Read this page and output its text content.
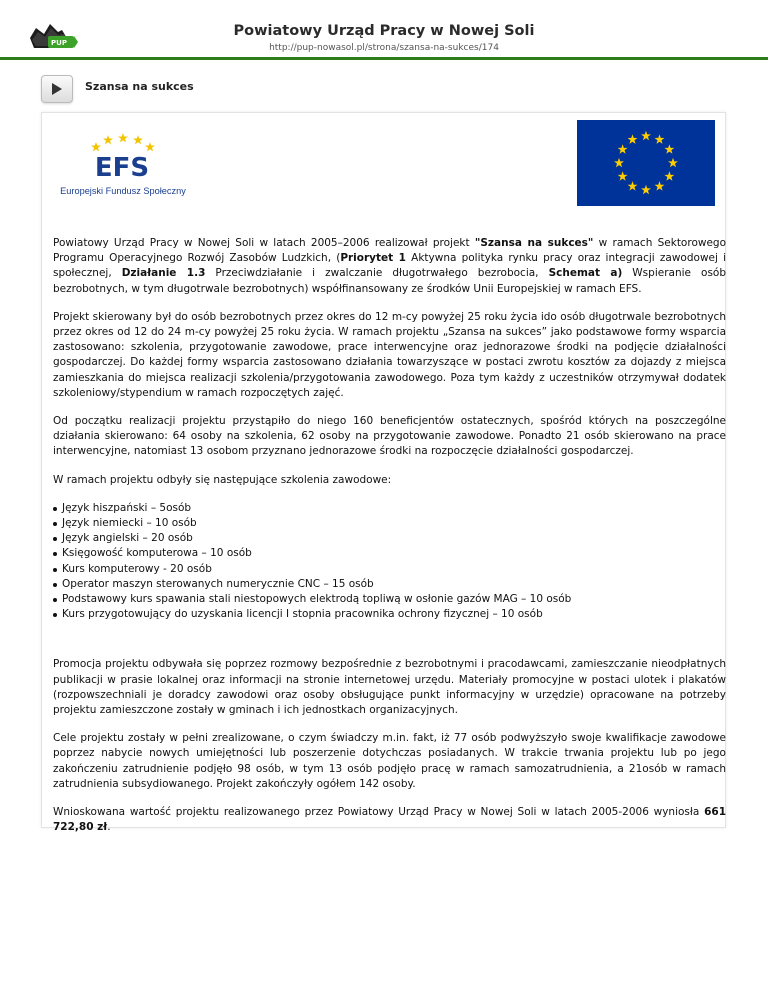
PUP
Powiatowy Urząd Pracy w Nowej Soli
http://pup-nowasol.pl/strona/szansa-na-sukces/174
Szansa na sukces
EFS
Europejski Fundusz Społeczny

Powiatowy Urząd Pracy w Nowej Soli w latach 2005–2006 realizował projekt "Szansa na sukces" w ramach Sektorowego Programu Operacyjnego Rozwój Zasobów Ludzkich, (Priorytet 1 Aktywna polityka rynku pracy oraz integracji zawodowej i społecznej, Działanie 1.3 Przeciwdziałanie i zwalczanie długotrwałego bezrobocia, Schemat a) Wspieranie osób bezrobotnych, w tym długotrwale bezrobotnych) współfinansowany ze środków Unii Europejskiej w ramach EFS.

Projekt skierowany był do osób bezrobotnych przez okres do 12 m-cy powyżej 25 roku życia ido osób długotrwale bezrobotnych przez okres od 12 do 24 m-cy powyżej 25 roku życia. W ramach projektu „Szansa na sukces” jako podstawowe formy wsparcia zastosowano: szkolenia, przygotowanie zawodowe, prace interwencyjne oraz jednorazowe środki na podjęcie działalności gospodarczej. Do każdej formy wsparcia zastosowano działania towarzyszące w postaci zwrotu kosztów za dojazdy z miejsca zamieszkania do miejsca realizacji szkolenia/przygotowania zawodowego. Poza tym każdy z uczestników otrzymywał dodatek szkoleniowy/stypendium w ramach rozpoczętych zajęć.

Od początku realizacji projektu przystąpiło do niego 160 beneficjentów ostatecznych, spośród których na poszczególne działania skierowano: 64 osoby na szkolenia, 62 osoby na przygotowanie zawodowe. Ponadto 21 osób skierowano na prace interwencyjne, natomiast 13 osobom przyznano jednorazowe środki na rozpoczęcie działalności gospodarczej.

W ramach projektu odbyły się następujące szkolenia zawodowe:

Język hiszpański – 5osób
Język niemiecki – 10 osób
Język angielski – 20 osób
Księgowość komputerowa – 10 osób
Kurs komputerowy - 20 osób
Operator maszyn sterowanych numerycznie CNC – 15 osób
Podstawowy kurs spawania stali niestopowych elektrodą topliwą w osłonie gazów MAG – 10 osób
Kurs przygotowujący do uzyskania licencji I stopnia pracownika ochrony fizycznej – 10 osób

Promocja projektu odbywała się poprzez rozmowy bezpośrednie z bezrobotnymi i pracodawcami, zamieszczanie nieodpłatnych publikacji w prasie lokalnej oraz informacji na stronie internetowej urzędu. Materiały promocyjne w postaci ulotek i plakatów (rozpowszechniali je doradcy zawodowi oraz osoby obsługujące punkt informacyjny w urzędzie) opracowane na potrzeby projektu zamieszczone zostały w gminach i ich jednostkach organizacyjnych.

Cele projektu zostały w pełni zrealizowane, o czym świadczy m.in. fakt, iż 77 osób podwyższyło swoje kwalifikacje zawodowe poprzez nabycie nowych umiejętności lub poszerzenie dotychczas posiadanych. W trakcie trwania projektu lub po jego zakończeniu zatrudnienie podjęło 98 osób, w tym 13 osób podjęło pracę w ramach samozatrudnienia, a 21osób w ramach zatrudnienia subsydiowanego. Projekt zakończyły ogółem 142 osoby.

Wnioskowana wartość projektu realizowanego przez Powiatowy Urząd Pracy w Nowej Soli w latach 2005-2006 wyniosła 661 722,80 zł.
